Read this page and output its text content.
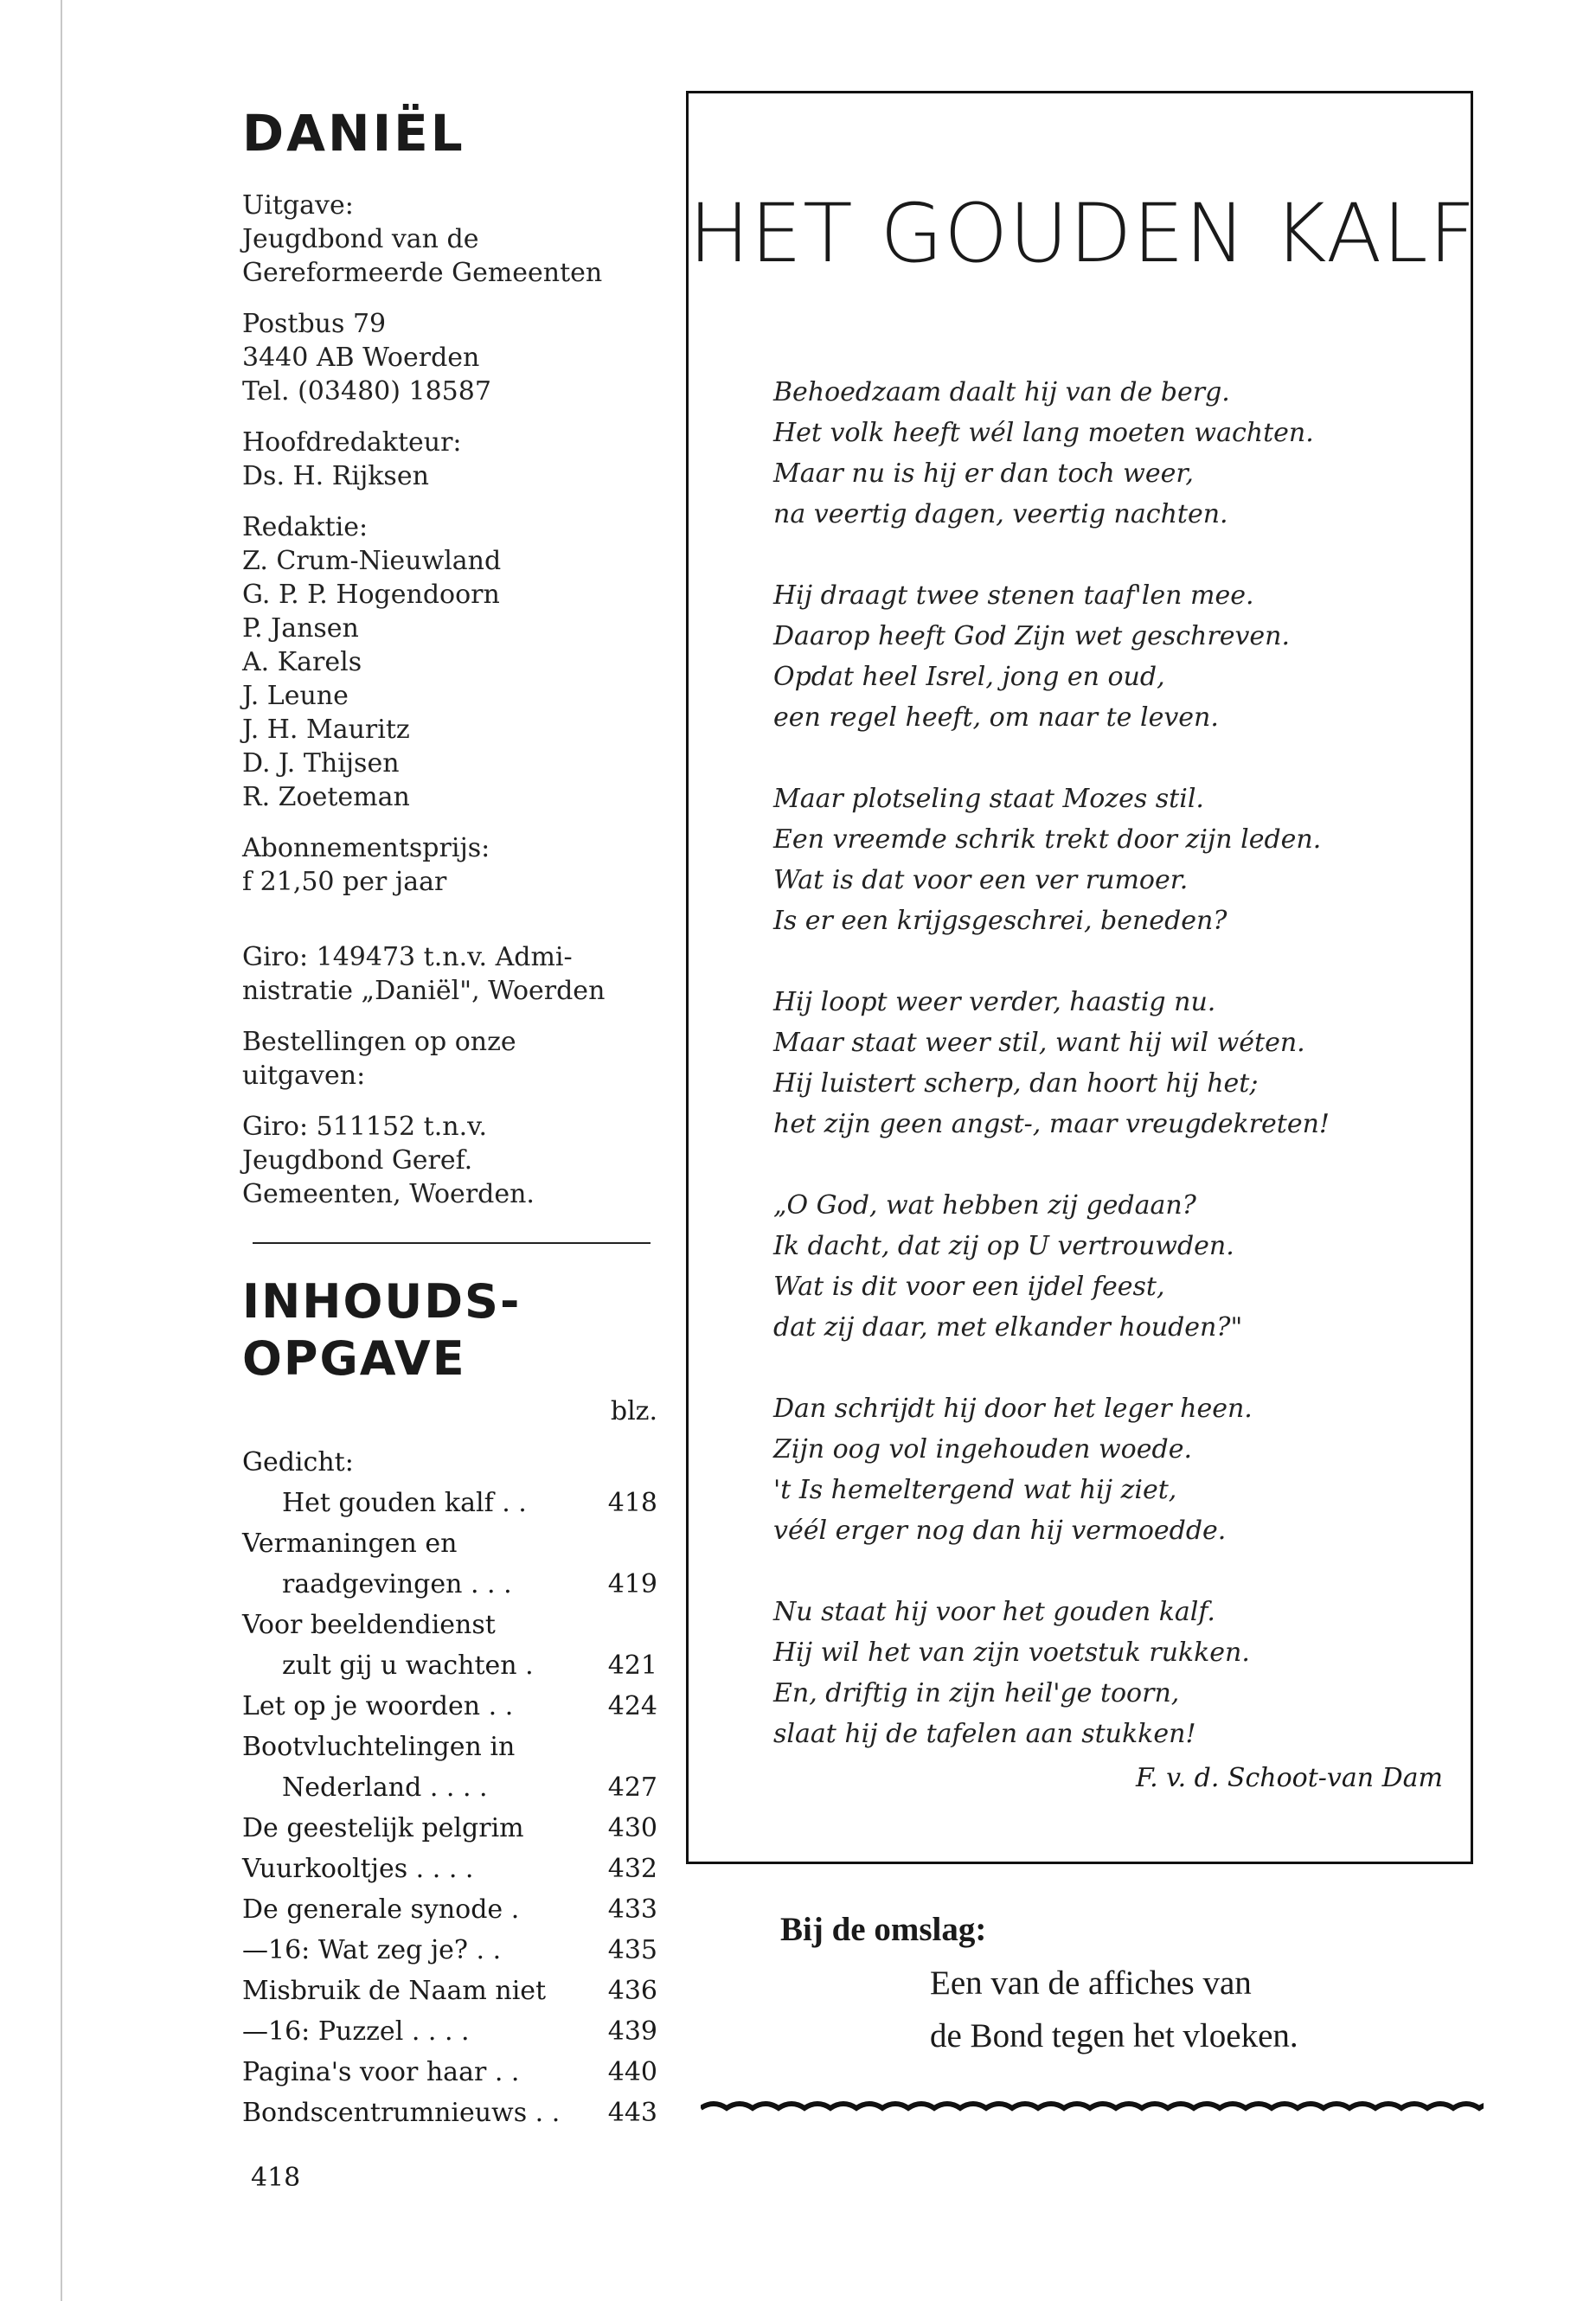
DANIËL
Uitgave:
Jeugdbond van de
Gereformeerde Gemeenten
Postbus 79
3440 AB Woerden
Tel. (03480) 18587
Hoofdredakteur:
Ds. H. Rijksen
Redaktie:
Z. Crum-Nieuwland
G. P. P. Hogendoorn
P. Jansen
A. Karels
J. Leune
J. H. Mauritz
D. J. Thijsen
R. Zoeteman
Abonnementsprijs:
f 21,50 per jaar
Giro: 149473 t.n.v. Admi-
nistratie „Daniël", Woerden
Bestellingen op onze
uitgaven:
Giro: 511152 t.n.v.
Jeugdbond Geref.
Gemeenten, Woerden.
INHOUDS-
OPGAVE
blz.
Gedicht:
Het gouden kalf . .	418
Vermaningen en
raadgevingen . . .	419
Voor beeldendienst
zult gij u wachten .	421
Let op je woorden . .	424
Bootvluchtelingen in
Nederland . . . .	427
De geestelijk pelgrim	430
Vuurkooltjes . . . .	432
De generale synode .	433
—16: Wat zeg je? . .	435
Misbruik de Naam niet 436
—16: Puzzel . . . .	439
Pagina's voor haar . .	440
Bondscentrumnieuws . . 443
418
HET GOUDEN KALF
Behoedzaam daalt hij van de berg.
Het volk heeft wél lang moeten wachten.
Maar nu is hij er dan toch weer,
na veertig dagen, veertig nachten.
Hij draagt twee stenen taaf'len mee.
Daarop heeft God Zijn wet geschreven.
Opdat heel Isrel, jong en oud,
een regel heeft, om naar te leven.
Maar plotseling staat Mozes stil.
Een vreemde schrik trekt door zijn leden.
Wat is dat voor een ver rumoer.
Is er een krijgsgeschrei, beneden?
Hij loopt weer verder, haastig nu.
Maar staat weer stil, want hij wil wéten.
Hij luistert scherp, dan hoort hij het;
het zijn geen angst-, maar vreugdekreten!
„O God, wat hebben zij gedaan?
Ik dacht, dat zij op U vertrouwden.
Wat is dit voor een ijdel feest,
dat zij daar, met elkander houden?"
Dan schrijdt hij door het leger heen.
Zijn oog vol ingehouden woede.
't Is hemeltergend wat hij ziet,
véél erger nog dan hij vermoedde.
Nu staat hij voor het gouden kalf.
Hij wil het van zijn voetstuk rukken.
En, driftig in zijn heil'ge toorn,
slaat hij de tafelen aan stukken!
F. v. d. Schoot-van Dam
Bij de omslag:
Een van de affiches van
de Bond tegen het vloeken.
